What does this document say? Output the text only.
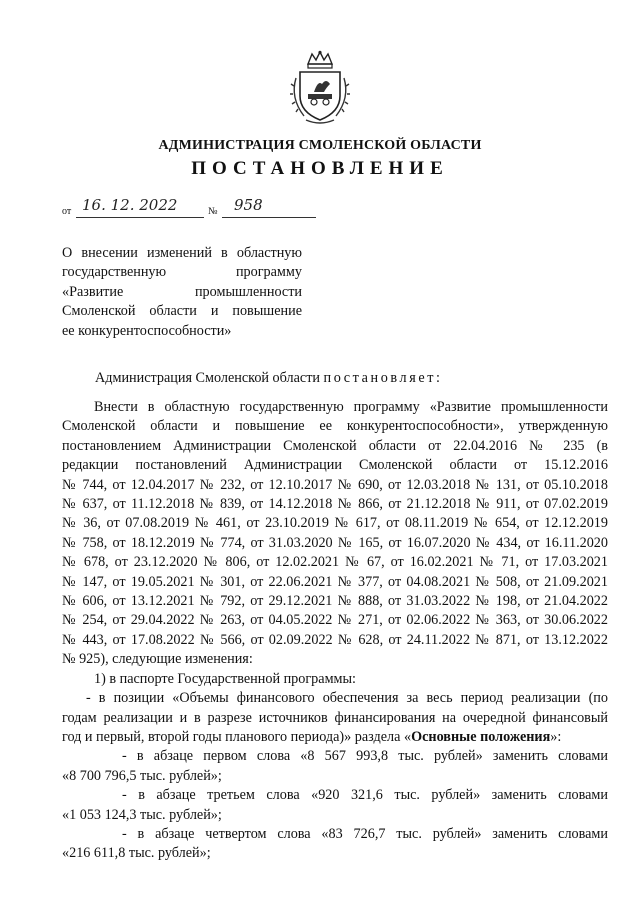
АДМИНИСТРАЦИЯ СМОЛЕНСКОЙ ОБЛАСТИ
ПОСТАНОВЛЕНИЕ
от 16. 12. 2022	№ 958
О внесении изменений в областную
государственную программу
«Развитие промышленности
Смоленской области и повышение
ее конкурентоспособности»
Администрация Смоленской области постановляет:
Внести в областную государственную программу «Развитие промышленности
Смоленской области и повышение ее конкурентоспособности», утвержденную
постановлением Администрации Смоленской области от 22.04.2016 № 235 (в
редакции постановлений Администрации Смоленской области от 15.12.2016
№ 744, от 12.04.2017 № 232, от 12.10.2017 № 690, от 12.03.2018 № 131, от 05.10.2018
№ 637, от 11.12.2018 № 839, от 14.12.2018 № 866, от 21.12.2018 № 911, от 07.02.2019
№ 36, от 07.08.2019 № 461, от 23.10.2019 № 617, от 08.11.2019 № 654, от 12.12.2019
№ 758, от 18.12.2019 № 774, от 31.03.2020 № 165, от 16.07.2020 № 434, от 16.11.2020
№ 678, от 23.12.2020 № 806, от 12.02.2021 № 67, от 16.02.2021 № 71, от 17.03.2021
№ 147, от 19.05.2021 № 301, от 22.06.2021 № 377, от 04.08.2021 № 508, от 21.09.2021
№ 606, от 13.12.2021 № 792, от 29.12.2021 № 888, от 31.03.2022 № 198, от 21.04.2022
№ 254, от 29.04.2022 № 263, от 04.05.2022 № 271, от 02.06.2022 № 363, от 30.06.2022
№ 443, от 17.08.2022 № 566, от 02.09.2022 № 628, от 24.11.2022 № 871, от 13.12.2022
№ 925), следующие изменения:
1) в паспорте Государственной программы:
- в позиции «Объемы финансового обеспечения за весь период реализации (по
годам реализации и в разрезе источников финансирования на очередной финансовый
год и первый, второй годы планового периода)» раздела «Основные положения»:
- в абзаце первом слова «8 567 993,8 тыс. рублей» заменить словами
«8 700 796,5 тыс. рублей»;
- в абзаце третьем слова «920 321,6 тыс. рублей» заменить словами
«1 053 124,3 тыс. рублей»;
- в абзаце четвертом слова «83 726,7 тыс. рублей» заменить словами
«216 611,8 тыс. рублей»;
